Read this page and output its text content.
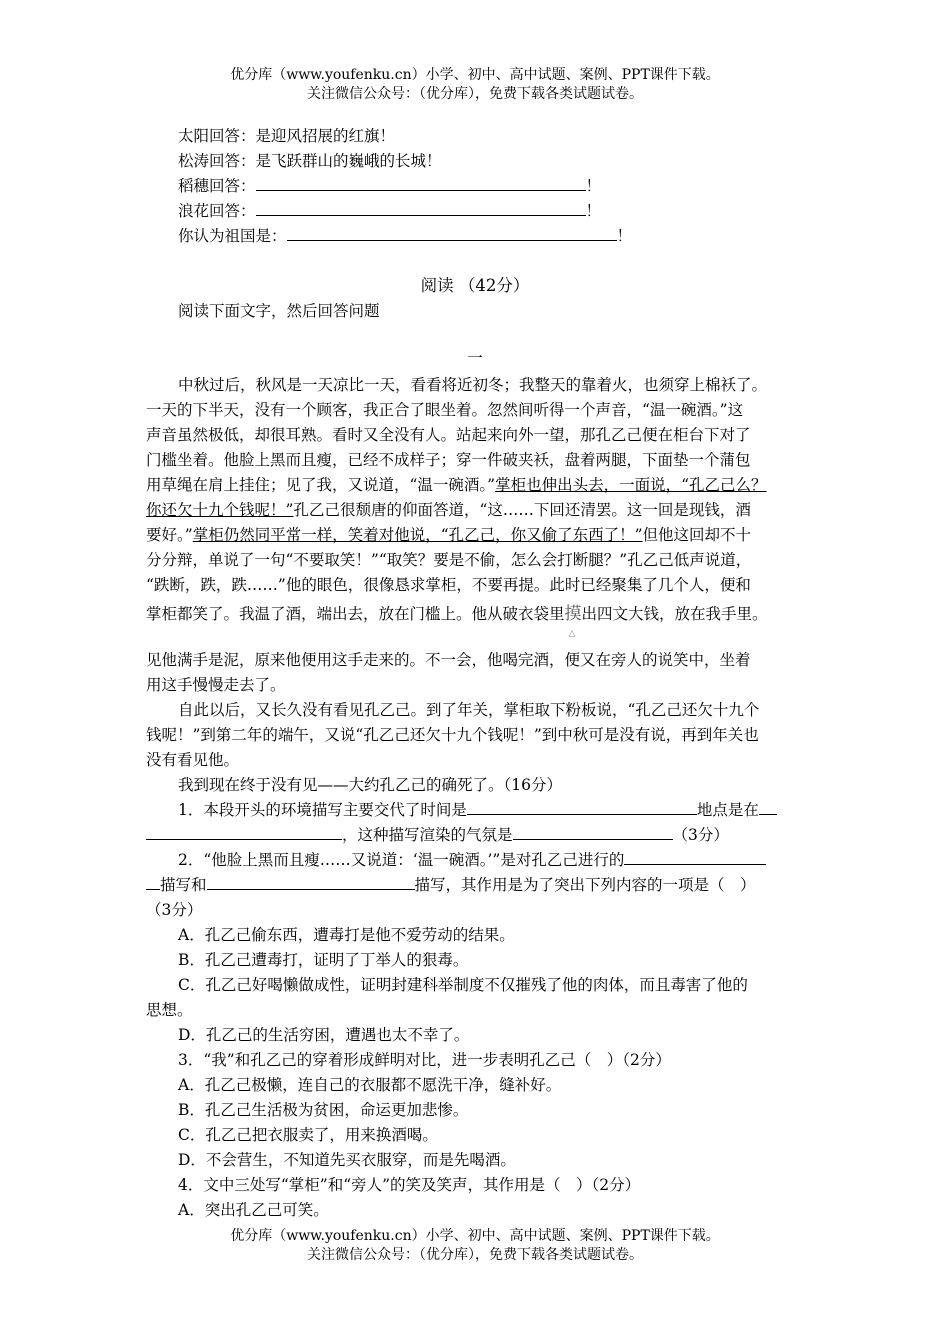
优分库（www.youfenku.cn）小学、初中、高中试题、案例、PPT课件下载。
关注微信公众号：（优分库），免费下载各类试题试卷。
太阳回答：是迎风招展的红旗！
松涛回答：是飞跃群山的巍峨的长城！
稻穗回答：	！
浪花回答：	！
你认为祖国是：	！
阅读 （42分）
阅读下面文字，然后回答问题
一
中秋过后，秋风是一天凉比一天，看看将近初冬；我整天的靠着火，也须穿上棉袄了。
一天的下半天，没有一个顾客，我正合了眼坐着。忽然间听得一个声音，“温一碗酒。”这
声音虽然极低，却很耳熟。看时又全没有人。站起来向外一望，那孔乙己便在柜台下对了
门槛坐着。他脸上黑而且瘦，已经不成样子；穿一件破夹袄，盘着两腿，下面垫一个蒲包
用草绳在肩上挂住；见了我，又说道，“温一碗酒。”掌柜也伸出头去，一面说，“孔乙己么？
你还欠十九个钱呢！”孔乙己很颓唐的仰面答道，“这……下回还清罢。这一回是现钱，酒
要好。”掌柜仍然同平常一样，笑着对他说，“孔乙己，你又偷了东西了！”但他这回却不十
分分辩，单说了一句“不要取笑！”“取笑？要是不偷，怎么会打断腿？”孔乙己低声说道，
“跌断，跌，跌……”他的眼色，很像恳求掌柜，不要再提。此时已经聚集了几个人，便和
掌柜都笑了。我温了酒，端出去，放在门槛上。他从破衣袋里摸
△
出四文大钱，放在我手里。
见他满手是泥，原来他便用这手走来的。不一会，他喝完酒，便又在旁人的说笑中，坐着
用这手慢慢走去了。
自此以后，又长久没有看见孔乙己。到了年关，掌柜取下粉板说，“孔乙己还欠十九个
钱呢！”到第二年的端午，又说“孔乙己还欠十九个钱呢！”到中秋可是没有说，再到年关也
没有看见他。
我到现在终于没有见——大约孔乙己的确死了。（16分）
1．本段开头的环境描写主要交代了时间是	地点是在
，这种描写渲染的气氛是	（3分）
2．“他脸上黑而且瘦……又说道：‘温一碗酒。’”是对孔乙己进行的
描写和	描写，其作用是为了突出下列内容的一项是（　）
（3分）
A．孔乙己偷东西，遭毒打是他不爱劳动的结果。
B．孔乙己遭毒打，证明了丁举人的狠毒。
C．孔乙己好喝懒做成性，证明封建科举制度不仅摧残了他的肉体，而且毒害了他的
思想。
D．孔乙己的生活穷困，遭遇也太不幸了。
3．“我”和孔乙己的穿着形成鲜明对比，进一步表明孔乙己（　）（2分）
A．孔乙己极懒，连自己的衣服都不愿洗干净，缝补好。
B．孔乙己生活极为贫困，命运更加悲惨。
C．孔乙己把衣服卖了，用来换酒喝。
D．不会营生，不知道先买衣服穿，而是先喝酒。
4．文中三处写“掌柜”和“旁人”的笑及笑声，其作用是（　）（2分）
A．突出孔乙己可笑。
优分库（www.youfenku.cn）小学、初中、高中试题、案例、PPT课件下载。
关注微信公众号：（优分库），免费下载各类试题试卷。
